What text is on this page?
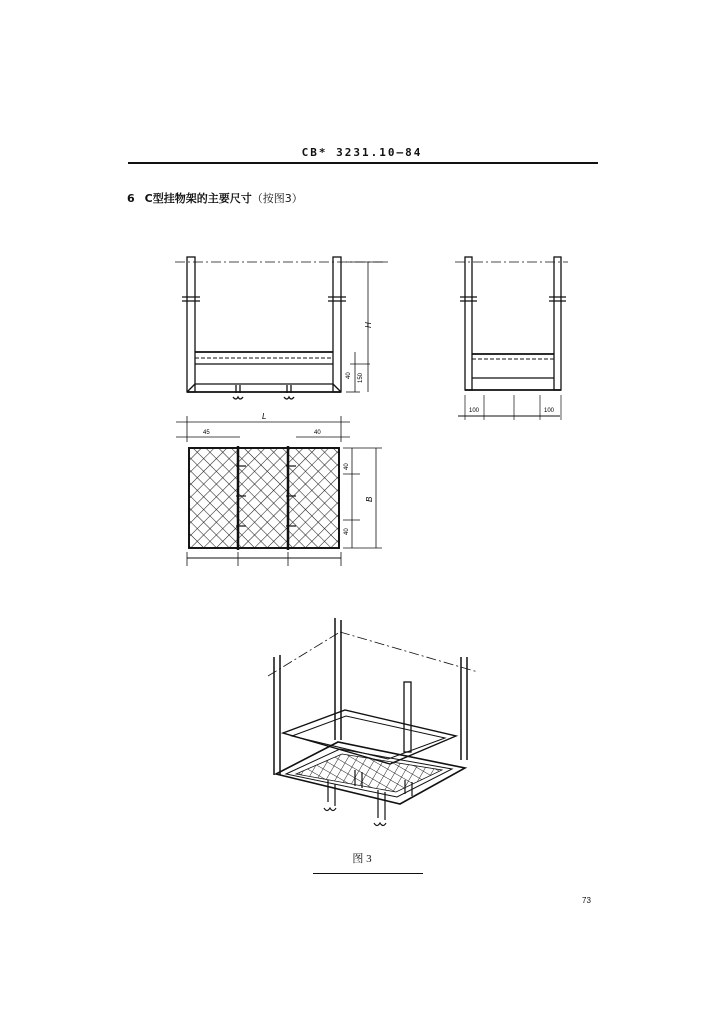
CB* 3231.10—84
6 C型挂物架的主要尺寸（按图3）
H
40 150
100	100
L
45	40
40
40
B
图 3
73
